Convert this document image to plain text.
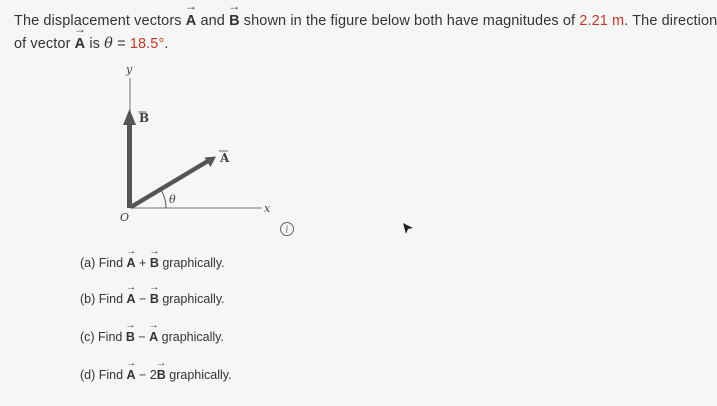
The displacement vectors → A and → B shown in the figure below both have magnitudes of 2.21 m. The direction
of vector → A is θ = 18.5°.
y
x
O
B
A
θ
i
(a) Find → A + → B graphically.
(b) Find → A − → B graphically.
(c) Find → B − → A graphically.
(d) Find → A − 2→ B graphically.
